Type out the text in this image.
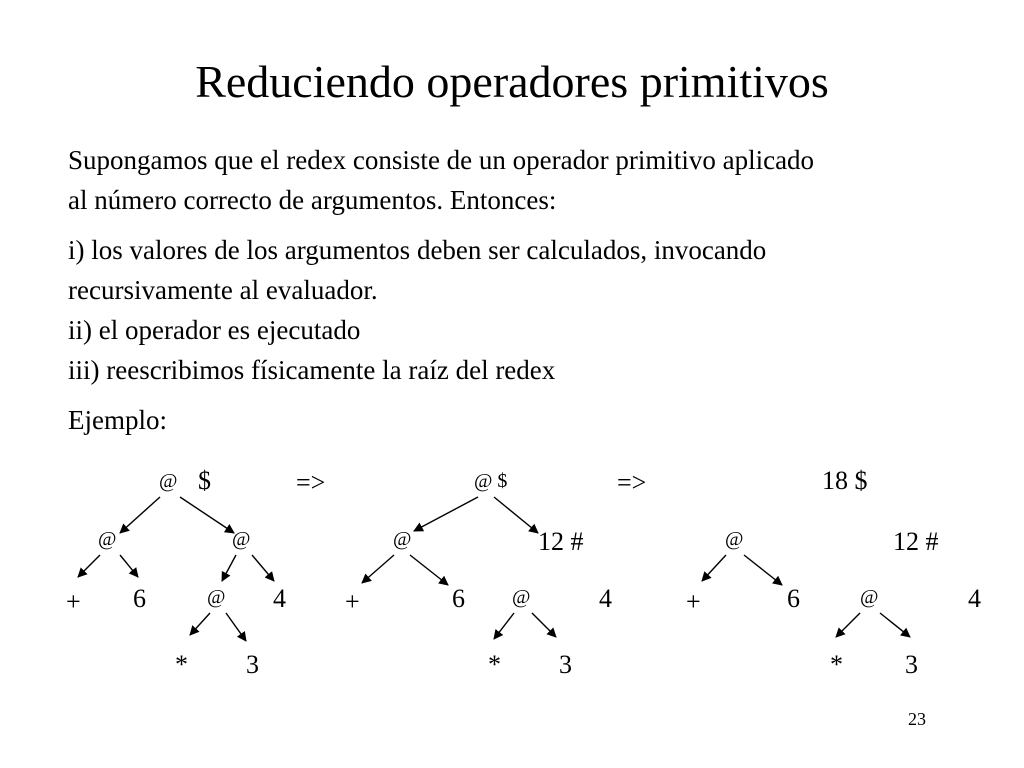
Reduciendo operadores primitivos

Supongamos que el redex consiste de un operador primitivo aplicado
al número correcto de argumentos. Entonces:

i) los valores de los argumentos deben ser calculados, invocando
recursivamente al evaluador.
ii) el operador es ejecutado
iii) reescribimos físicamente la raíz del redex

Ejemplo:

@ $
@	@
+ 6	@ 4
* 3
=>	@ $
@	12 #
+	6 @	4
* 3
=>	18 $
@	12 #
+	6	@	4
* 3
23
